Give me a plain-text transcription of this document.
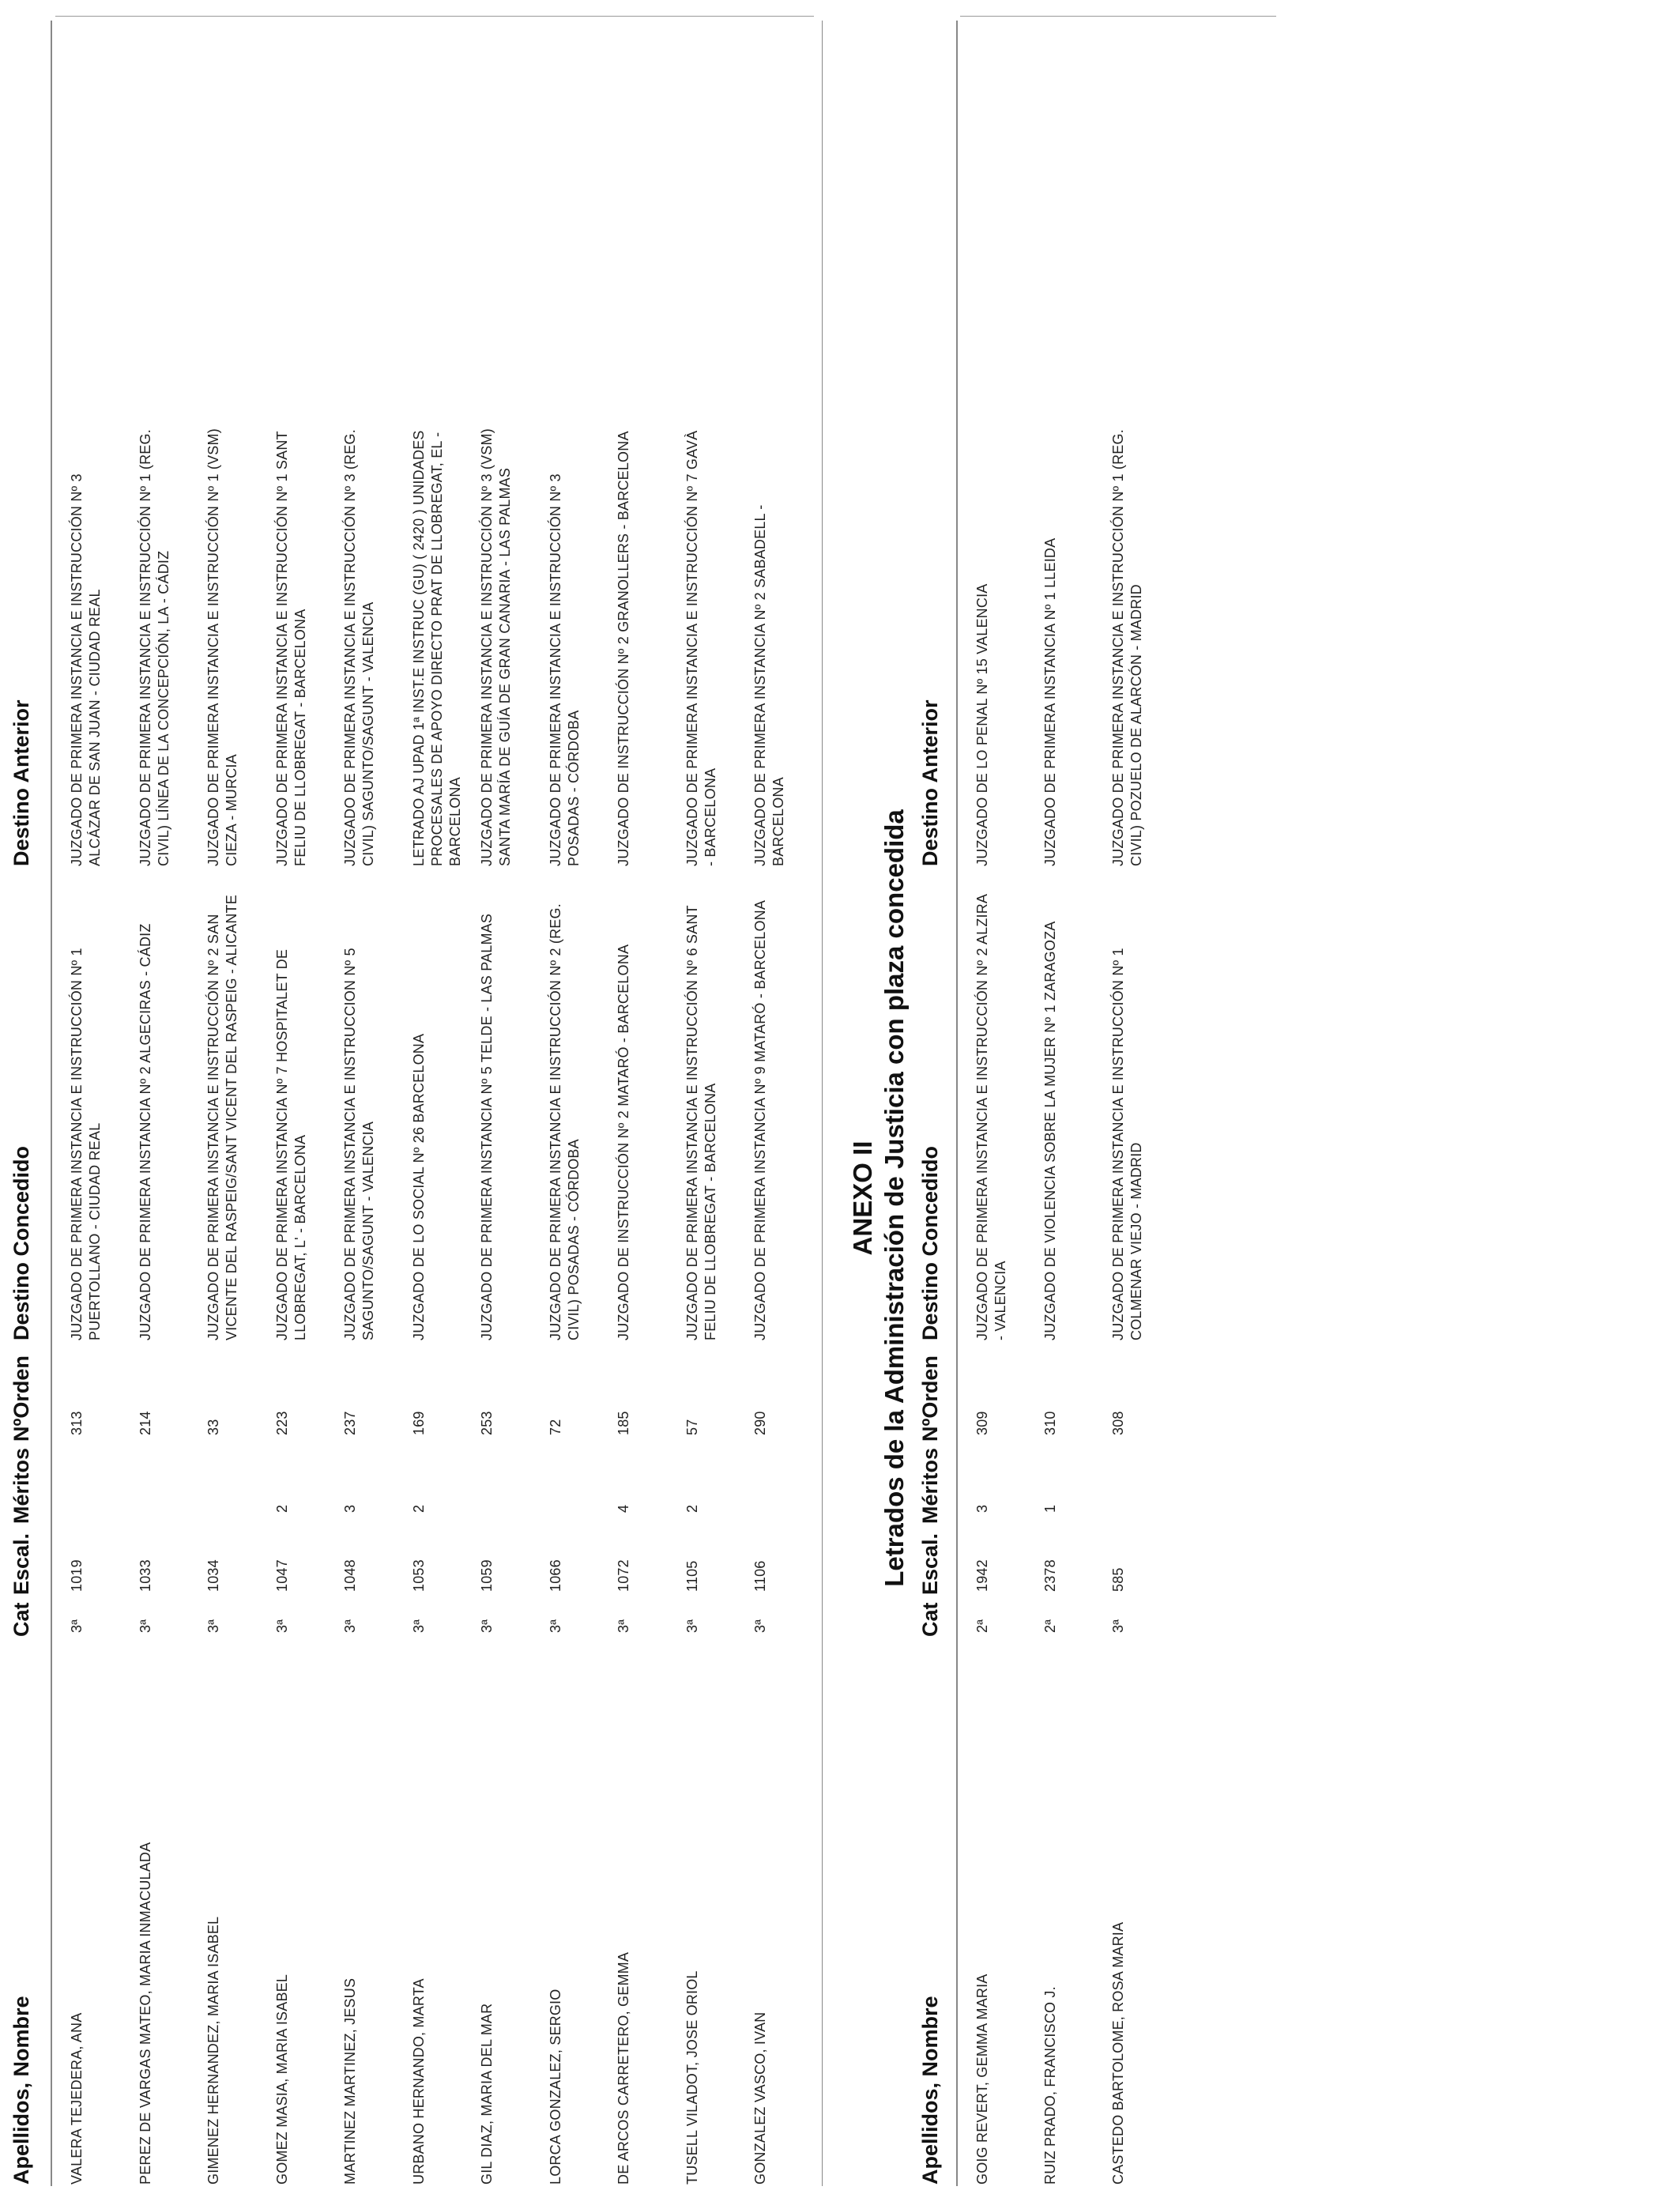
Apellidos, Nombre
Cat
Escal.
Méritos
NºOrden
Destino Concedido
Destino Anterior
VALERA TEJEDERA, ANA
3ª
1019
313
JUZGADO DE PRIMERA INSTANCIA E INSTRUCCIÓN Nº 1 PUERTOLLANO - CIUDAD REAL
JUZGADO DE PRIMERA INSTANCIA E INSTRUCCIÓN Nº 3 ALCÁZAR DE SAN JUAN - CIUDAD REAL
PEREZ DE VARGAS MATEO, MARIA INMACULADA
3ª
1033
214
JUZGADO DE PRIMERA INSTANCIA Nº 2 ALGECIRAS - CÁDIZ
JUZGADO DE PRIMERA INSTANCIA E INSTRUCCIÓN Nº 1 (REG. CIVIL) LÍNEA DE LA CONCEPCIÓN, LA - CÁDIZ
GIMENEZ HERNANDEZ, MARIA ISABEL
3ª
1034
33
JUZGADO DE PRIMERA INSTANCIA E INSTRUCCIÓN Nº 2 SAN VICENTE DEL RASPEIG/SANT VICENT DEL RASPEIG - ALICANTE
JUZGADO DE PRIMERA INSTANCIA E INSTRUCCIÓN Nº 1 (VSM) CIEZA - MURCIA
GOMEZ MASIA, MARIA ISABEL
3ª
1047
2
223
JUZGADO DE PRIMERA INSTANCIA Nº 7 HOSPITALET DE LLOBREGAT, L' - BARCELONA
JUZGADO DE PRIMERA INSTANCIA E INSTRUCCIÓN Nº 1 SANT FELIU DE LLOBREGAT - BARCELONA
MARTINEZ MARTINEZ, JESUS
3ª
1048
3
237
JUZGADO DE PRIMERA INSTANCIA E INSTRUCCION Nº 5 SAGUNTO/SAGUNT - VALENCIA
JUZGADO DE PRIMERA INSTANCIA E INSTRUCCIÓN Nº 3 (REG. CIVIL) SAGUNTO/SAGUNT - VALENCIA
URBANO HERNANDO, MARTA
3ª
1053
2
169
JUZGADO DE LO SOCIAL Nº 26 BARCELONA
LETRADO AJ UPAD 1ª INST.E INSTRUC (GU) ( 2420 ) UNIDADES PROCESALES DE APOYO DIRECTO PRAT DE LLOBREGAT, EL - BARCELONA
GIL DIAZ, MARIA DEL MAR
3ª
1059
253
JUZGADO DE PRIMERA INSTANCIA Nº 5 TELDE - LAS PALMAS
JUZGADO DE PRIMERA INSTANCIA E INSTRUCCIÓN Nº 3 (VSM) SANTA MARÍA DE GUÍA DE GRAN CANARIA - LAS PALMAS
LORCA GONZALEZ, SERGIO
3ª
1066
72
JUZGADO DE PRIMERA INSTANCIA E INSTRUCCIÓN Nº 2 (REG. CIVIL) POSADAS - CÓRDOBA
JUZGADO DE PRIMERA INSTANCIA E INSTRUCCIÓN Nº 3 POSADAS - CÓRDOBA
DE ARCOS CARRETERO, GEMMA
3ª
1072
4
185
JUZGADO DE INSTRUCCIÓN Nº 2 MATARÓ - BARCELONA
JUZGADO DE INSTRUCCIÓN Nº 2 GRANOLLERS - BARCELONA
TUSELL VILADOT, JOSE ORIOL
3ª
1105
2
57
JUZGADO DE PRIMERA INSTANCIA E INSTRUCCIÓN Nº 6 SANT FELIU DE LLOBREGAT - BARCELONA
JUZGADO DE PRIMERA INSTANCIA E INSTRUCCIÓN Nº 7 GAVÀ - BARCELONA
GONZALEZ VASCO, IVAN
3ª
1106
290
JUZGADO DE PRIMERA INSTANCIA Nº 9 MATARÓ - BARCELONA
JUZGADO DE PRIMERA INSTANCIA Nº 2 SABADELL - BARCELONA
ANEXO II Letrados de la Administración de Justicia con plaza concedida
Apellidos, Nombre
Cat
Escal.
Méritos
NºOrden
Destino Concedido
Destino Anterior
GOIG REVERT, GEMMA MARIA
2ª
1942
3
309
JUZGADO DE PRIMERA INSTANCIA E INSTRUCCIÓN Nº 2 ALZIRA - VALENCIA
JUZGADO DE LO PENAL Nº 15 VALENCIA
RUIZ PRADO, FRANCISCO J.
2ª
2378
1
310
JUZGADO DE VIOLENCIA SOBRE LA MUJER Nº 1 ZARAGOZA
JUZGADO DE PRIMERA INSTANCIA Nº 1 LLEIDA
CASTEDO BARTOLOME, ROSA MARIA
3ª
585
308
JUZGADO DE PRIMERA INSTANCIA E INSTRUCCIÓN Nº 1 COLMENAR VIEJO - MADRID
JUZGADO DE PRIMERA INSTANCIA E INSTRUCCIÓN Nº 1 (REG. CIVIL) POZUELO DE ALARCÓN - MADRID
